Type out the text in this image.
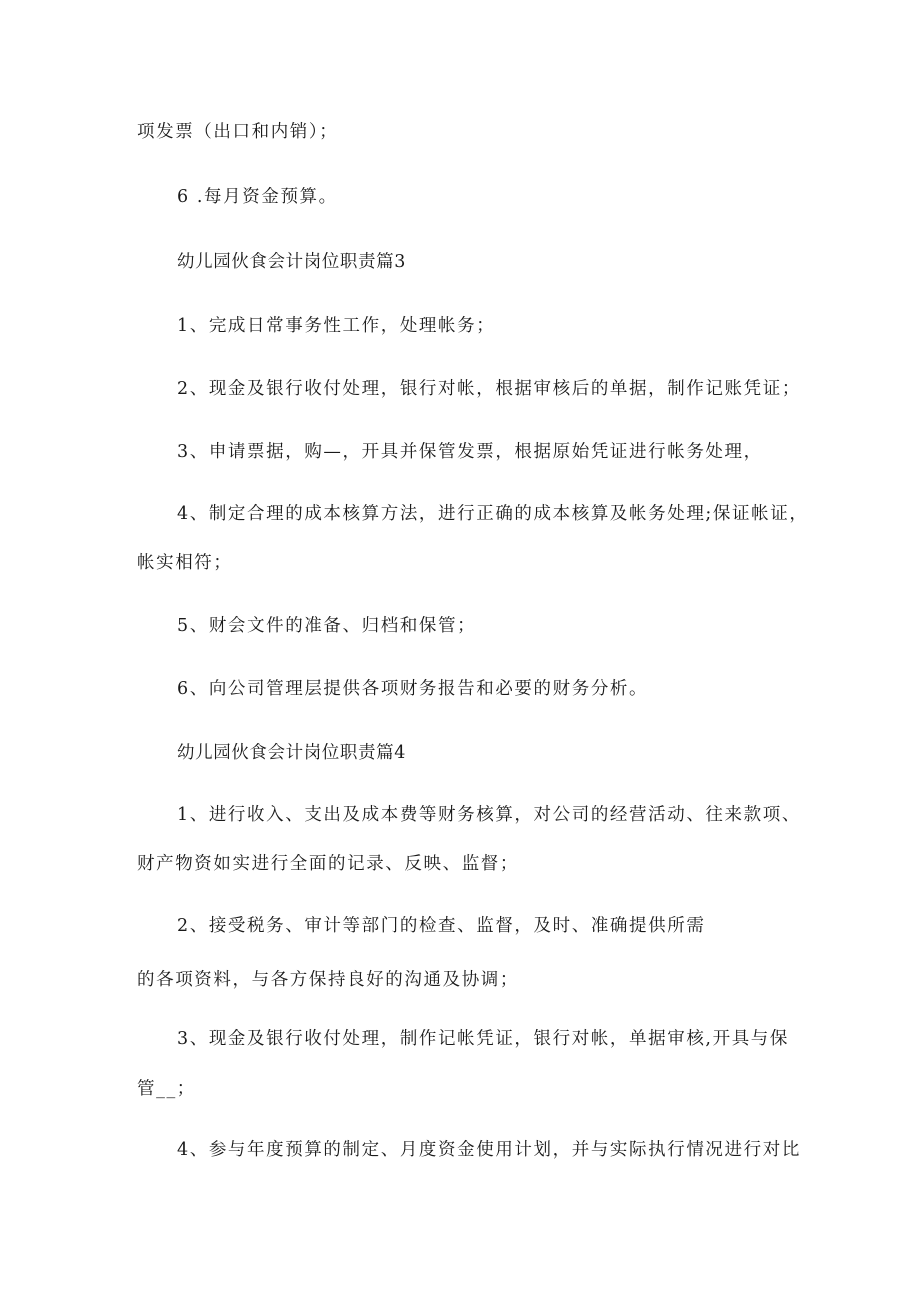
项发票（出口和内销）；
6 .每月资金预算。
幼儿园伙食会计岗位职责篇3
1、完成日常事务性工作，处理帐务；
2、现金及银行收付处理，银行对帐，根据审核后的单据，制作记账凭证；
3、申请票据，购—，开具并保管发票，根据原始凭证进行帐务处理，
4、制定合理的成本核算方法，进行正确的成本核算及帐务处理;保证帐证，
帐实相符；
5、财会文件的准备、归档和保管；
6、向公司管理层提供各项财务报告和必要的财务分析。
幼儿园伙食会计岗位职责篇4
1、进行收入、支出及成本费等财务核算，对公司的经营活动、往来款项、
财产物资如实进行全面的记录、反映、监督；
2、接受税务、审计等部门的检查、监督，及时、准确提供所需
的各项资料，与各方保持良好的沟通及协调；
3、现金及银行收付处理，制作记帐凭证，银行对帐，单据审核,开具与保
管__；
4、参与年度预算的制定、月度资金使用计划，并与实际执行情况进行对比
